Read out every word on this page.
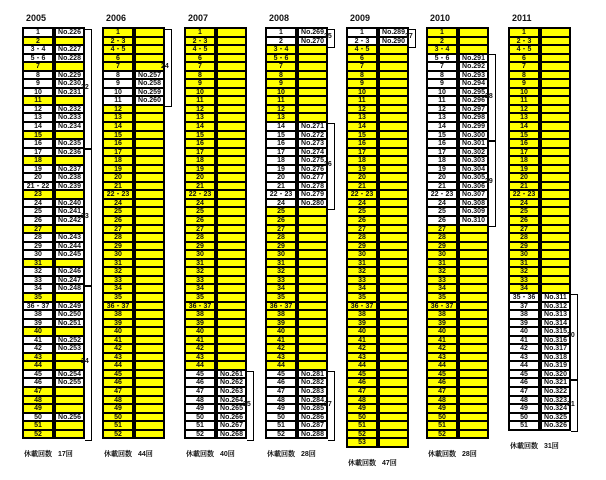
2005
1	No.226
2
3・4	No.227
5・6	No.228
7
8	No.229
9	No.230
10	No.231
11
12	No.232
13	No.233
14	No.234
15
16	No.235
17	No.236
18
19	No.237
20	No.238
21・22	No.239
23
24	No.240
25	No.241
26	No.242
27
28	No.243
29	No.244
30	No.245
31
32	No.246
33	No.247
34	No.248
35
36・37	No.249
38	No.250
39	No.251
40
41	No.252
42	No.253
43
44
45	No.254
46	No.255
47
48
49
50	No.256
51
52
22
23
24
休載回数 17回
2006
1
2・3
4・5
6
7
8	No.257
9	No.258
10	No.259
11	No.260
12
13
14
15
16
17
18
19
20
21
22・23
24
25
26
27
28
29
30
31
32
33
34
35
36・37
38
39
40
41
42
43
44
45
46
47
48
49
50
51
52
24
休載回数 44回
2007
1
2・3
4・5
6
7
8
9
10
11
12
13
14
15
16
17
18
19
20
21
22・23
24
25
26
27
28
29
30
31
32
33
34
35
36・37
38
39
40
41
42
43
44
45	No.261
46	No.262
47	No.263
48	No.264
49	No.265
50	No.266
51	No.267
52	No.268
25
休載回数 40回
2008
1	No.269
2	No.270
3・4
5・6
7
8
9
10
11
12
13
14	No.271
15	No.272
16	No.273
17	No.274
18	No.275
19	No.276
20	No.277
21	No.278
22・23	No.279
24	No.280
25
26
27
28
29
30
31
32
33
34
35
36・37
38
39
40
41
42
43
44
45	No.281
46	No.282
47	No.283
48	No.284
49	No.285
50	No.286
51	No.287
52	No.288
25
26
27
休載回数 28回
2009
1	No.289
2・3	No.290
4・5
6
7
8
9
10
11
12
13
14
15
16
17
18
19
20
21
22・23
24
25
26
27
28
29
30
31
32
33
34
35
36・37
38
39
40
41
42
43
44
45
46
47
48
49
50
51
52
53
27
休載回数 47回
2010
1
2
3・4
5・6	No.291
7	No.292
8	No.293
9	No.294
10	No.295
11	No.296
12	No.297
13	No.298
14	No.299
15	No.300
16	No.301
17	No.302
18	No.303
19	No.304
20	No.305
21	No.306
22・23	No.307
24	No.308
25	No.309
26	No.310
27
28
29
30
31
32
33
34
35
36・37
38
39
40
41
42
43
44
45
46
47
48
49
50
51
52
28
29
休載回数 28回
2011
1
2・3
4・5
6
7
8
9
10
11
12
13
14
15
16
17
18
19
20
21
22・23
24
25
26
27
28
29
30
31
32
33
34
35・36	No.311
37	No.312
38	No.313
39	No.314
40	No.315
41	No.316
42	No.317
43	No.318
44	No.319
45	No.320
46	No.321
47	No.322
48	No.323
49	No.324
50	No.325
51	No.326
30
31
休載回数 31回
